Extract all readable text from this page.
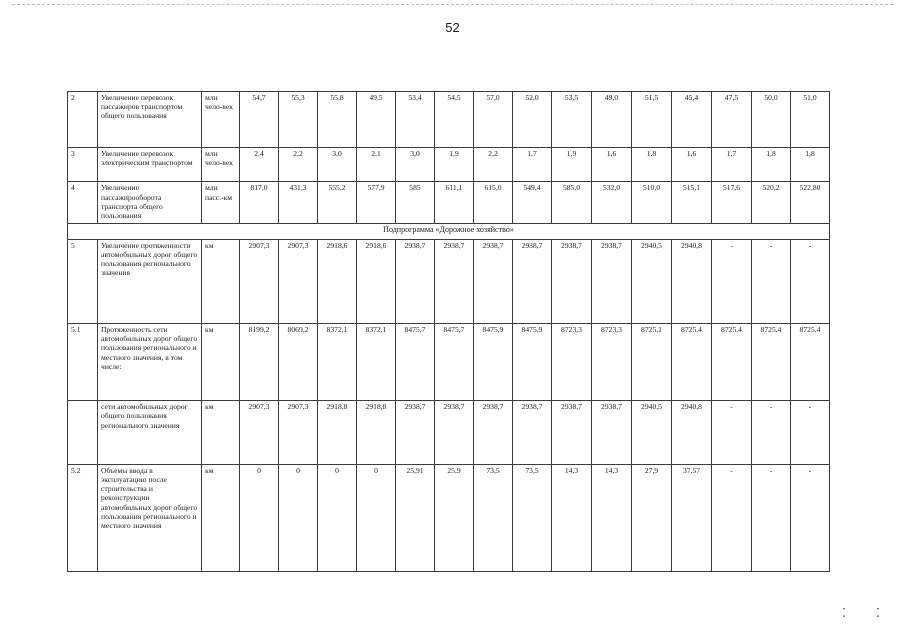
52
2	Увеличение перевозок пассажиров транспортом общего пользования	млн чело-век	54,7	55,3	55,8	49,5	53,4	54,5	57,0	52,0	53,5	49,0	51,5	45,4	47,5	50,0	51,0
3	Увеличение перевозок электрическим транспортом	млн чело-век	2,4	2,2	3,0	2,1	3,0	1,9	2,2	1,7	1,9	1,6	1,8	1,6	1,7	1,8	1,8
4	Увеличение пассажирооборота транспорта общего пользования	млн пасс.-км	817,0	431,3	555,2	577,9	585	611,1	615,0	549,4	585,0	532,0	510,0	515,1	517,6	520,2	522,80
Подпрограмма «Дорожное хозяйство»																	
5	Увеличение протяженности автомобильных дорог общего пользования регионального значения	км	2907,3	2907,3	2918,6	2918,6	2938,7	2938,7	2938,7	2938,7	2938,7	2938,7	2940,5	2940,8	-	-	-
5.1	Протяженность сети автомобильных дорог общего пользования регионального и местного значения, в том числе:	км	8199,2	8069,2	8372,1	8372,1	8475,7	8475,7	8475,9	8475,9	8723,3	8723,3	8725,1	8725,4	8725,4	8725,4	8725,4
	сети автомобильных дорог общего пользования регионального значения	км	2907,3	2907,3	2918,8	2918,8	2938,7	2938,7	2938,7	2938,7	2938,7	2938,7	2940,5	2940,8	-	-	-
5.2	Объемы ввода в эксплуатацию после строительства и реконструкции автомобильных дорог общего пользования регионального и местного значения	км	0	0	0	0	25,91	25,9	73,5	73,5	14,3	14,3	27,9	37,57	-	-	-
⁚	⁚
